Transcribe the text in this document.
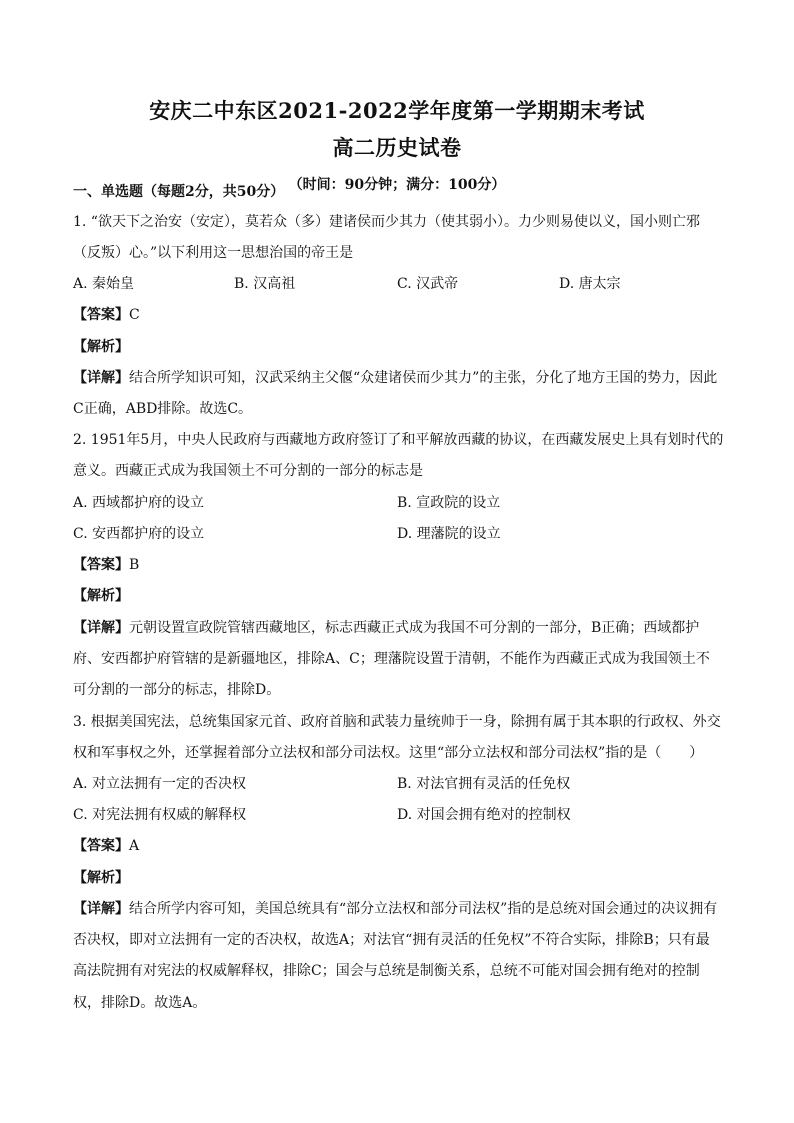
安庆二中东区2021-2022学年度第一学期期末考试
高二历史试卷
（时间：90分钟；满分：100分）
一、单选题（每题2分，共50分）
1. “欲天下之治安（安定），莫若众（多）建诸侯而少其力（使其弱小）。力少则易使以义，国小则亡邪
（反叛）心。”以下利用这一思想治国的帝王是
A. 秦始皇	B. 汉高祖	C. 汉武帝	D. 唐太宗
【答案】C
【解析】
【详解】结合所学知识可知，汉武采纳主父偃“众建诸侯而少其力”的主张，分化了地方王国的势力，因此
C正确，ABD排除。故选C。
2. 1951年5月，中央人民政府与西藏地方政府签订了和平解放西藏的协议，在西藏发展史上具有划时代的
意义。西藏正式成为我国领土不可分割的一部分的标志是
A. 西域都护府的设立	B. 宣政院的设立
C. 安西都护府的设立	D. 理藩院的设立
【答案】B
【解析】
【详解】元朝设置宣政院管辖西藏地区，标志西藏正式成为我国不可分割的一部分，B正确；西域都护
府、安西都护府管辖的是新疆地区，排除A、C；理藩院设置于清朝，不能作为西藏正式成为我国领土不
可分割的一部分的标志，排除D。
3. 根据美国宪法，总统集国家元首、政府首脑和武装力量统帅于一身，除拥有属于其本职的行政权、外交
权和军事权之外，还掌握着部分立法权和部分司法权。这里“部分立法权和部分司法权”指的是（　　）
A. 对立法拥有一定的否决权	B. 对法官拥有灵活的任免权
C. 对宪法拥有权威的解释权	D. 对国会拥有绝对的控制权
【答案】A
【解析】
【详解】结合所学内容可知，美国总统具有“部分立法权和部分司法权”指的是总统对国会通过的决议拥有
否决权，即对立法拥有一定的否决权，故选A；对法官“拥有灵活的任免权”不符合实际，排除B；只有最
高法院拥有对宪法的权威解释权，排除C；国会与总统是制衡关系，总统不可能对国会拥有绝对的控制
权，排除D。故选A。
